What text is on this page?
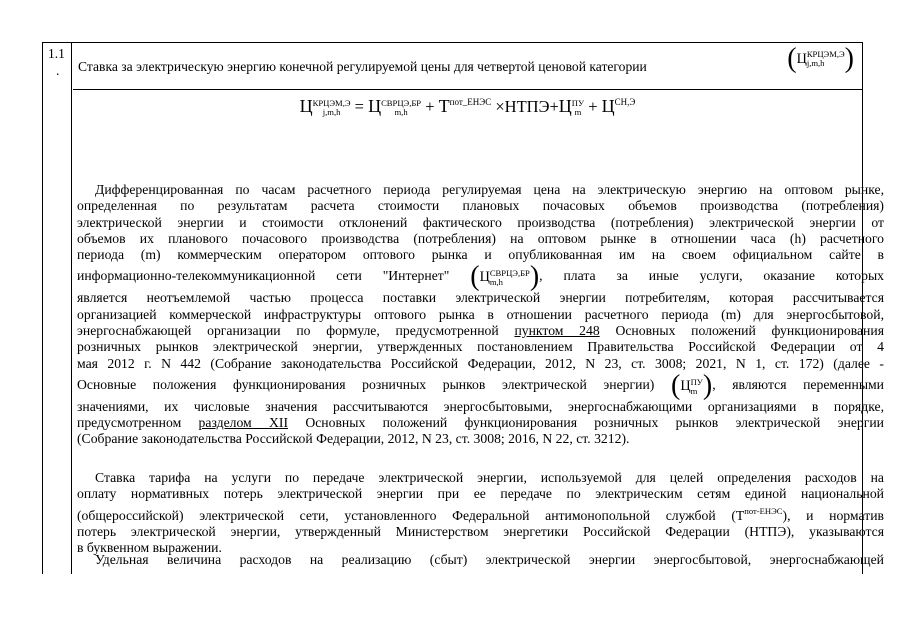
1.1
. Ставка за электрическую энергию конечной регулируемой цены для четвертой ценовой категории	(Ц КРЦЭМ,Э
j,m,h )
Ц КРЦЭМ,Э
j,m,h = Ц СВРЦЭ,БР
m,h	+ $Т^{пот\_ЕНЭС}$ ×НТПЭ+Ц ПУ
$m + Ц^{СН,Э}$
Дифференцированная по часам расчетного периода регулируемая цена на электрическую энергию на оптовом рынке,
определенная по результатам расчета стоимости плановых почасовых объемов производства (потребления)
электрической энергии и стоимости отклонений фактического производства (потребления) электрической энергии от
объемов их планового почасового производства (потребления) на оптовом рынке в отношении часа (h) расчетного
периода (m) коммерческим оператором оптового рынка и опубликованная им на своем официальном сайте в
информационно-телекоммуникационной сети "Интернет" (Ц СВРЦЭ,БР
m,h ), плата за иные услуги, оказание которых
является неотъемлемой частью процесса поставки электрической энергии потребителям, которая рассчитывается
организацией коммерческой инфраструктуры оптового рынка в отношении расчетного периода (m) для энергосбытовой,
энергоснабжающей организации по формуле, предусмотренной пунктом 248 Основных положений функционирования
розничных рынков электрической энергии, утвержденных постановлением Правительства Российской Федерации от 4
мая 2012 г. N 442 (Собрание законодательства Российской Федерации, 2012, N 23, ст. 3008; 2021, N 1, ст. 172) (далее -
Основные положения функционирования розничных рынков электрической энергии) (Ц ПУ
m ), являются переменными
значениями, их числовые значения рассчитываются энергосбытовыми, энергоснабжающими организациями в порядке,
предусмотренном разделом XII Основных положений функционирования розничных рынков электрической энергии
(Собрание законодательства Российской Федерации, 2012, N 23, ст. 3008; 2016, N 22, ст. 3212).
Ставка тарифа на услуги по передаче электрической энергии, используемой для целей определения расходов на
оплату нормативных потерь электрической энергии при ее передаче по электрическим сетям единой национальной
(общероссийской) электрической сети, установленного Федеральной антимонопольной службой $(Т^{пот-ЕНЭС})$, и норматив
потерь электрической энергии, утвержденный Министерством энергетики Российской Федерации (НТПЭ), указываются
в буквенном выражении.
Удельная величина расходов на реализацию (сбыт) электрической энергии энергосбытовой, энергоснабжающей
